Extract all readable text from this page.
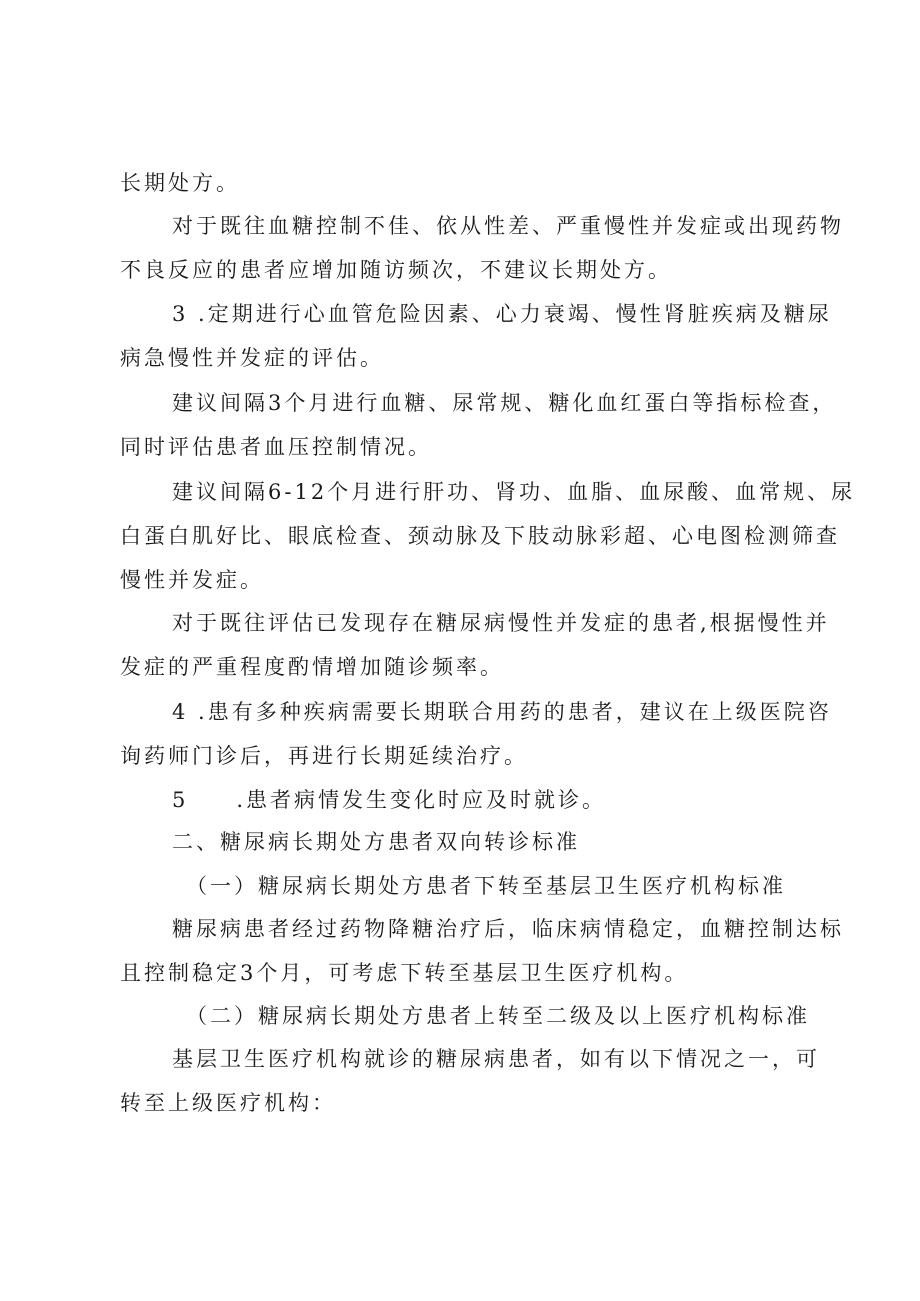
长期处方。
对于既往血糖控制不佳、依从性差、严重慢性并发症或出现药物
不良反应的患者应增加随访频次，不建议长期处方。
3 .定期进行心血管危险因素、心力衰竭、慢性肾脏疾病及糖尿
病急慢性并发症的评估。
建议间隔3个月进行血糖、尿常规、糖化血红蛋白等指标检查，
同时评估患者血压控制情况。
建议间隔6-12个月进行肝功、肾功、血脂、血尿酸、血常规、尿
白蛋白肌好比、眼底检查、颈动脉及下肢动脉彩超、心电图检测筛查
慢性并发症。
对于既往评估已发现存在糖尿病慢性并发症的患者,根据慢性并
发症的严重程度酌情增加随诊频率。
4 .患有多种疾病需要长期联合用药的患者，建议在上级医院咨
询药师门诊后，再进行长期延续治疗。
5　　.患者病情发生变化时应及时就诊。
二、糖尿病长期处方患者双向转诊标准
（一）糖尿病长期处方患者下转至基层卫生医疗机构标准
糖尿病患者经过药物降糖治疗后，临床病情稳定，血糖控制达标
且控制稳定3个月，可考虑下转至基层卫生医疗机构。
（二）糖尿病长期处方患者上转至二级及以上医疗机构标准
基层卫生医疗机构就诊的糖尿病患者，如有以下情况之一，可
转至上级医疗机构：
